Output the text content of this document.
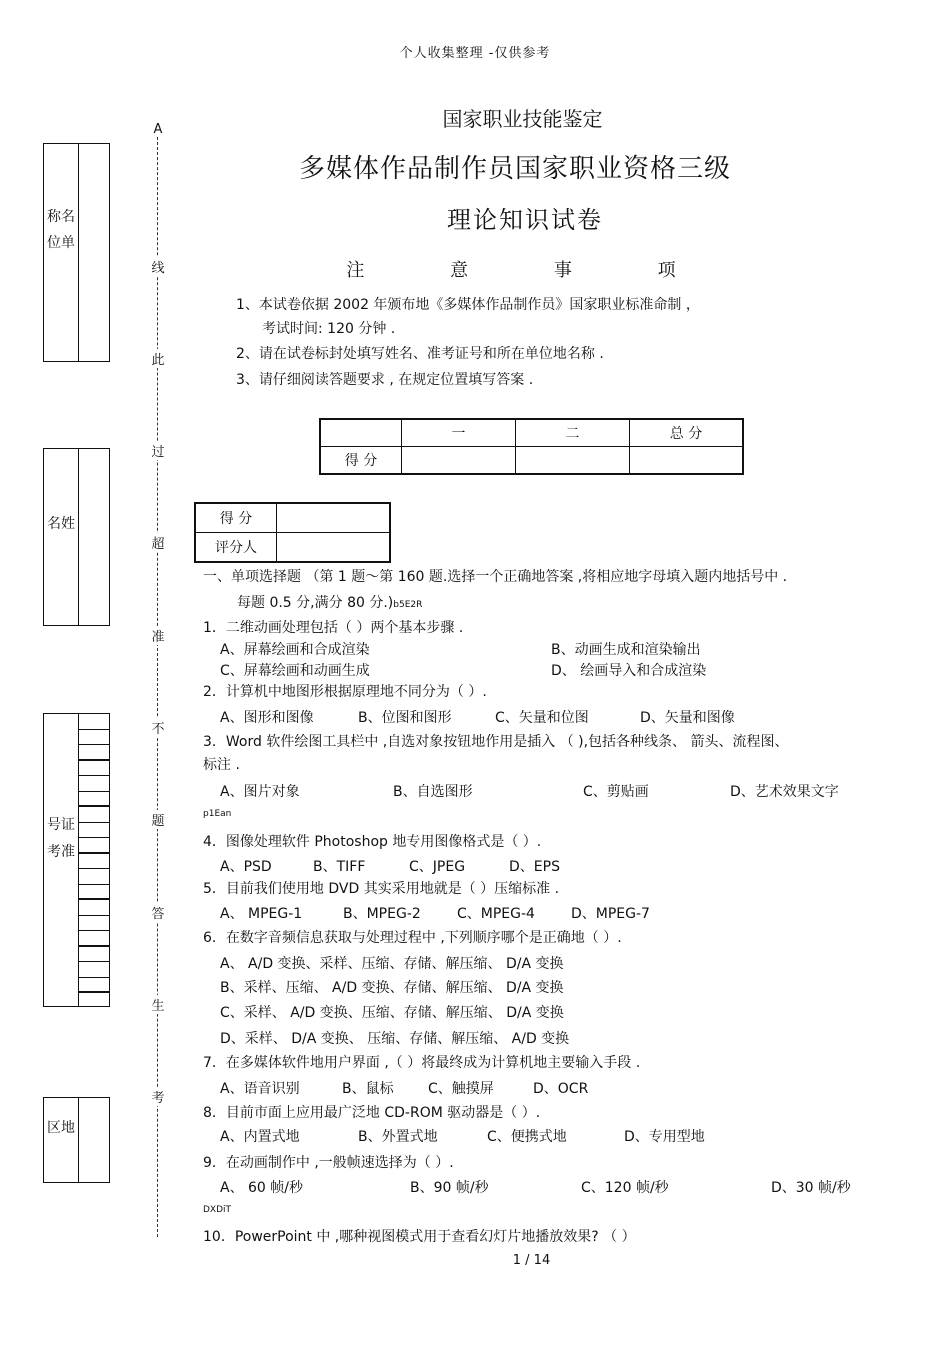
个人收集整理 -仅供参考
国家职业技能鉴定
多媒体作品制作员国家职业资格三级
理论知识试卷
注 意 事 项
1、本试卷依据 2002 年颁布地《多媒体作品制作员》国家职业标准命制 ，
考试时间: 120 分钟 .
2、请在试卷标封处填写姓名、准考证号和所在单位地名称 .
3、请仔细阅读答题要求 , 在规定位置填写答案 .
	一	二	总 分
得 分			
得 分	
评分人	
称名位单
名姓
号证考准
区地
A
线
此
过
超
准
不
题
答
生
考
一、单项选择题 （第 1 题～第 160 题.选择一个正确地答案 ,将相应地字母填入题内地括号中 .
每题 0.5 分,满分 80 分.)b5E2R
1．二维动画处理包括（ ）两个基本步骤 .
A、屏幕绘画和合成渲染	B、动画生成和渲染输出
C、屏幕绘画和动画生成	D、 绘画导入和合成渲染
2．计算机中地图形根据原理地不同分为（ ）.
A、图形和图像	B、位图和图形	C、矢量和位图	D、矢量和图像
3．Word 软件绘图工具栏中 ,自选对象按钮地作用是插入 （ ),包括各种线条、 箭头、流程图、
标注 .
A、图片对象	B、自选图形	C、剪贴画	D、艺术效果文字
p1Ean
4．图像处理软件 Photoshop 地专用图像格式是（ ）.
A、PSD	B、TIFF	C、JPEG	D、EPS
5．目前我们使用地 DVD 其实采用地就是（ ）压缩标准 .
A、 MPEG-1	B、MPEG-2	C、MPEG-4	D、MPEG-7
6．在数字音频信息获取与处理过程中 ,下列顺序哪个是正确地（ ）.
A、 A/D 变换、采样、压缩、存储、解压缩、 D/A 变换
B、采样、压缩、 A/D 变换、存储、解压缩、 D/A 变换
C、采样、 A/D 变换、压缩、存储、解压缩、 D/A 变换
D、采样、 D/A 变换、 压缩、存储、解压缩、 A/D 变换
7．在多媒体软件地用户界面 ,（ ）将最终成为计算机地主要输入手段 .
A、语音识别	B、鼠标 C、触摸屏	D、OCR
8．目前市面上应用最广泛地 CD-ROM 驱动器是（ ）.
A、内置式地	B、外置式地	C、便携式地	D、专用型地
9．在动画制作中 ,一般帧速选择为（ ）.
A、 60 帧/秒	B、90 帧/秒	C、120 帧/秒	D、30 帧/秒
DXDiT
10．PowerPoint 中 ,哪种视图模式用于查看幻灯片地播放效果? （ ）
1 / 14
